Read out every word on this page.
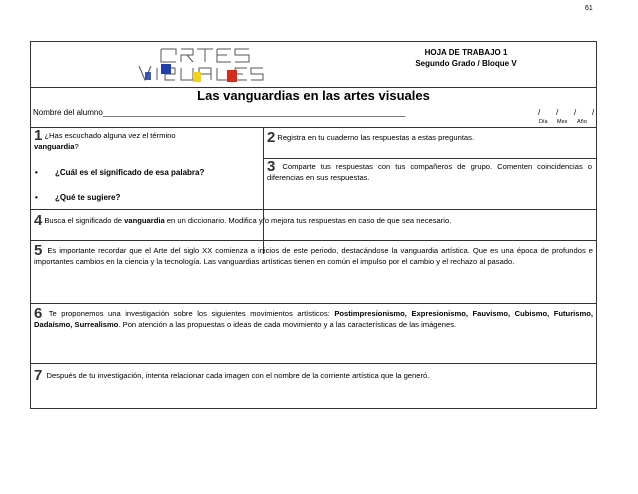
61
HOJA DE TRABAJO 1
Segundo Grado / Bloque V
Las vanguardias en las artes visuales
Nombre del alumno____________________________________________________________________	/ / / /
Día Mes Año
1 ¿Has escuchado alguna vez el término
vanguardia?
• ¿Cuál es el significado de esa palabra?
• ¿Qué te sugiere?
2 Registra en tu cuaderno las respuestas a estas preguntas.
3 Comparte tus respuestas con tus compañeros de grupo. Comenten coincidencias o diferencias en sus respuestas.
4 Busca el significado de vanguardia en un diccionario. Modifica y/o mejora tus respuestas en caso de que sea necesario.
5 Es importante recordar que el Arte del siglo XX comienza a inicios de este periodo, destacándose la vanguardia artística. Que es una época de profundos e importantes cambios en la ciencia y la tecnología. Las vanguardias artísticas tienen en común el impulso por el cambio y el rechazo al pasado.
6 Te proponemos una investigación sobre los siguientes movimientos artísticos: Postimpresionismo, Expresionismo, Fauvismo, Cubismo, Futurismo, Dadaísmo, Surrealismo. Pon atención a las propuestas o ideas de cada movimiento y a las características de las imágenes.
7 Después de tu investigación, intenta relacionar cada imagen con el nombre de la corriente artística que la generó.
